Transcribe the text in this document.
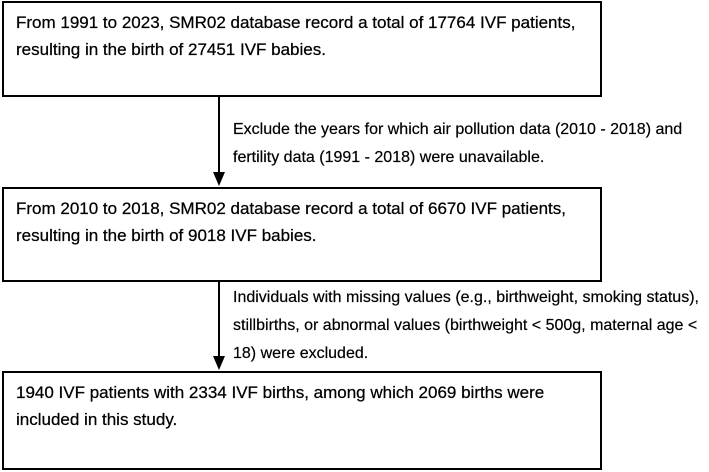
From 1991 to 2023, SMR02 database record a total of 17764 IVF patients, resulting in the birth of 27451 IVF babies.
Exclude the years for which air pollution data (2010 - 2018) and fertility data (1991 - 2018) were unavailable.
From 2010 to 2018, SMR02 database record a total of 6670 IVF patients, resulting in the birth of 9018 IVF babies.
Individuals with missing values (e.g., birthweight, smoking status), stillbirths, or abnormal values (birthweight < 500g, maternal age < 18) were excluded.
1940 IVF patients with 2334 IVF births, among which 2069 births were included in this study.
